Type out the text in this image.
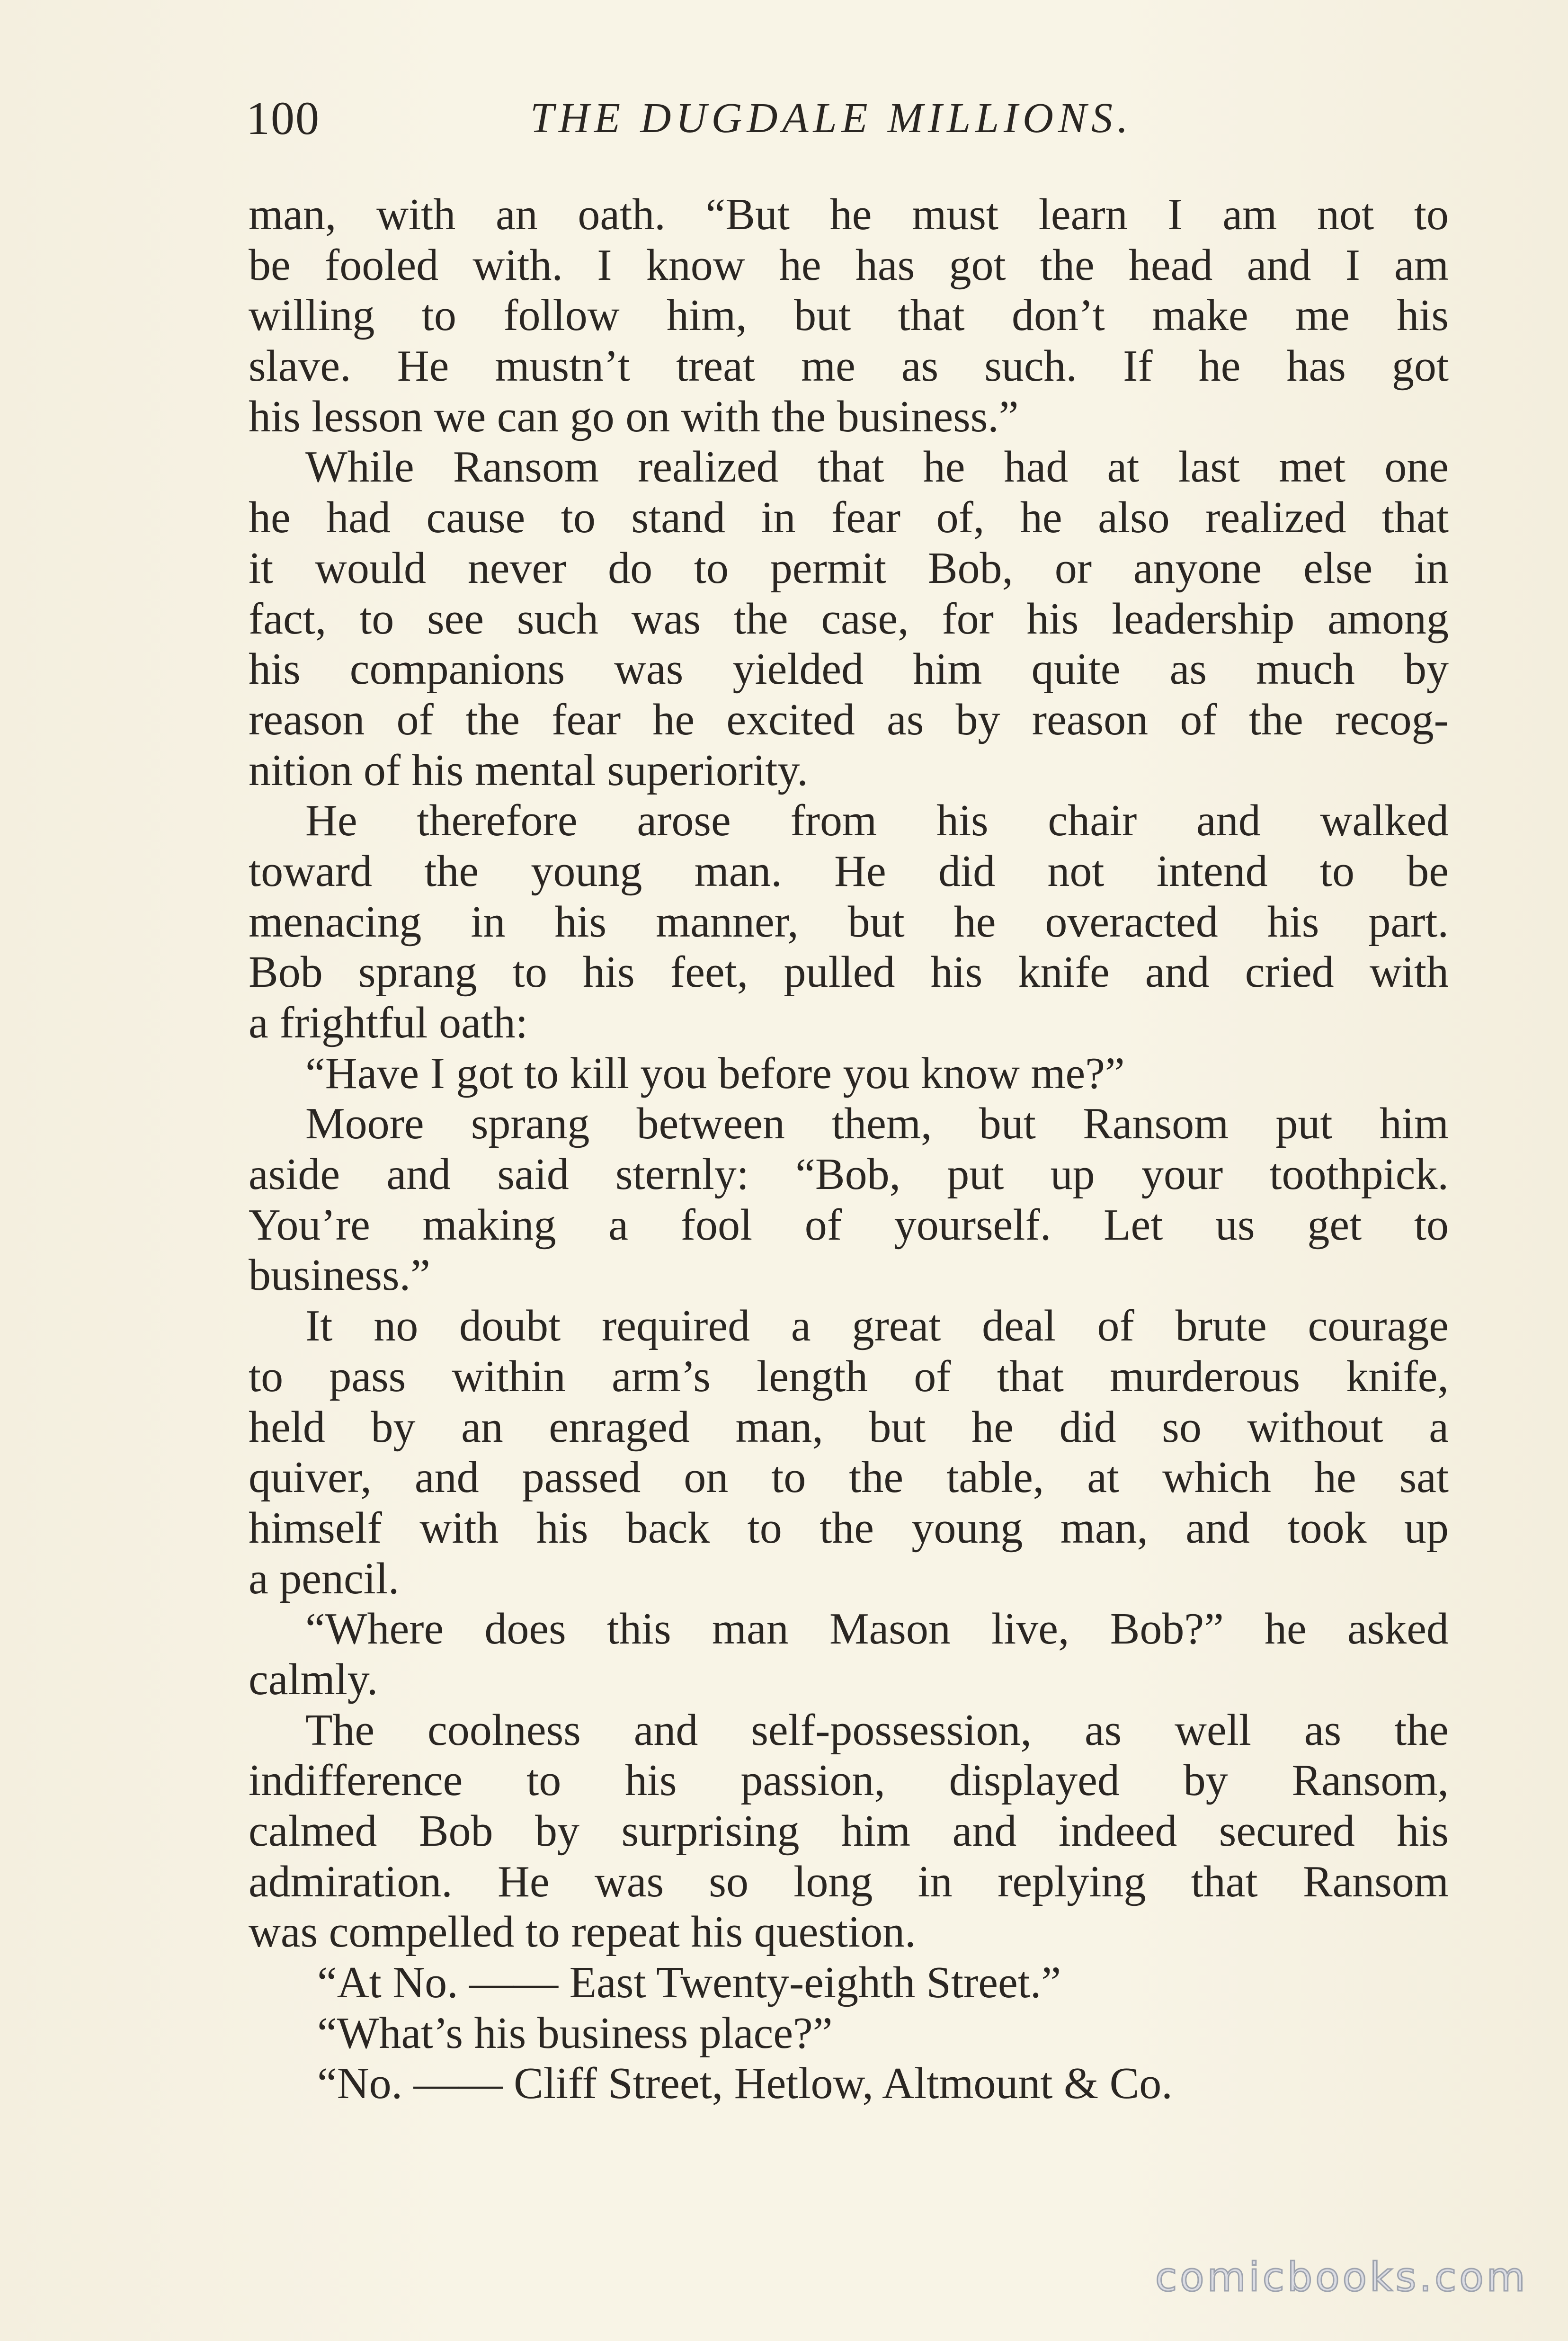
100	THE DUGDALE MILLIONS.
man, with an oath. “But he must learn I am not to
be fooled with. I know he has got the head and I am
willing to follow him, but that don’t make me his
slave. He mustn’t treat me as such. If he has got
his lesson we can go on with the business.”
While Ransom realized that he had at last met one
he had cause to stand in fear of, he also realized that
it would never do to permit Bob, or anyone else in
fact, to see such was the case, for his leadership among
his companions was yielded him quite as much by
reason of the fear he excited as by reason of the recog-
nition of his mental superiority.
He therefore arose from his chair and walked
toward the young man. He did not intend to be
menacing in his manner, but he overacted his part.
Bob sprang to his feet, pulled his knife and cried with
a frightful oath:
“Have I got to kill you before you know me?”
Moore sprang between them, but Ransom put him
aside and said sternly: “Bob, put up your toothpick.
You’re making a fool of yourself. Let us get to
business.”
It no doubt required a great deal of brute courage
to pass within arm’s length of that murderous knife,
held by an enraged man, but he did so without a
quiver, and passed on to the table, at which he sat
himself with his back to the young man, and took up
a pencil.
“Where does this man Mason live, Bob?” he asked
calmly.
The coolness and self-possession, as well as the
indifference to his passion, displayed by Ransom,
calmed Bob by surprising him and indeed secured his
admiration. He was so long in replying that Ransom
was compelled to repeat his question.
“At No. —— East Twenty-eighth Street.”
“What’s his business place?”
“No. —— Cliff Street, Hetlow, Altmount & Co.
comicbooks.com
